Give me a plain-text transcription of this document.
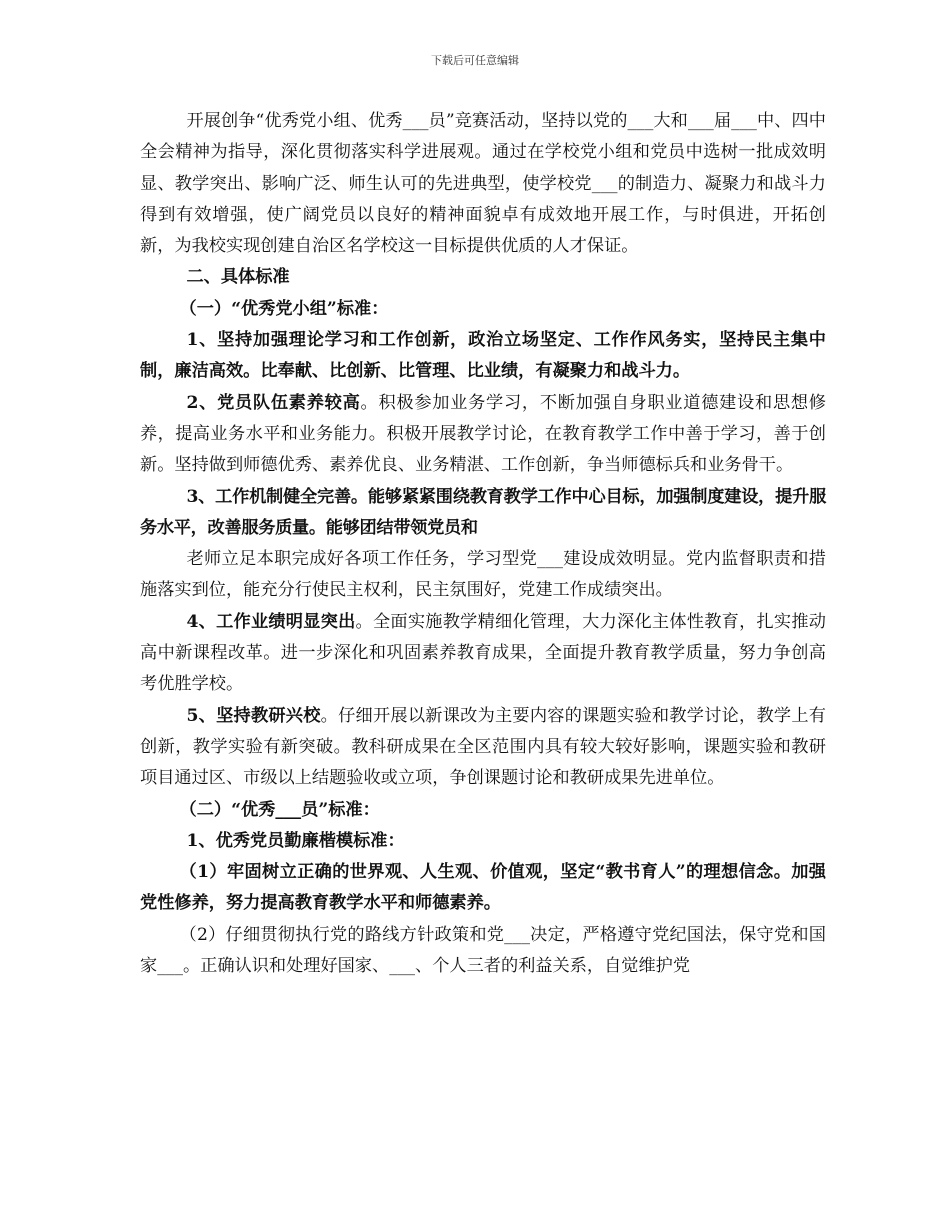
下载后可任意编辑

开展创争“优秀党小组、优秀___员”竞赛活动，坚持以党的___大和___届___中、四中全会精神为指导，深化贯彻落实科学进展观。通过在学校党小组和党员中选树一批成效明显、教学突出、影响广泛、师生认可的先进典型，使学校党___的制造力、凝聚力和战斗力得到有效增强，使广阔党员以良好的精神面貌卓有成效地开展工作，与时俱进，开拓创新，为我校实现创建自治区名学校这一目标提供优质的人才保证。

二、具体标准

（一）“优秀党小组”标准：

1、坚持加强理论学习和工作创新，政治立场坚定、工作作风务实，坚持民主集中制，廉洁高效。比奉献、比创新、比管理、比业绩，有凝聚力和战斗力。

2、党员队伍素养较高。积极参加业务学习，不断加强自身职业道德建设和思想修养，提高业务水平和业务能力。积极开展教学讨论，在教育教学工作中善于学习，善于创新。坚持做到师德优秀、素养优良、业务精湛、工作创新，争当师德标兵和业务骨干。

3、工作机制健全完善。能够紧紧围绕教育教学工作中心目标，加强制度建设，提升服务水平，改善服务质量。能够团结带领党员和

老师立足本职完成好各项工作任务，学习型党___建设成效明显。党内监督职责和措施落实到位，能充分行使民主权利，民主氛围好，党建工作成绩突出。

4、工作业绩明显突出。全面实施教学精细化管理，大力深化主体性教育，扎实推动高中新课程改革。进一步深化和巩固素养教育成果，全面提升教育教学质量，努力争创高考优胜学校。

5、坚持教研兴校。仔细开展以新课改为主要内容的课题实验和教学讨论，教学上有创新，教学实验有新突破。教科研成果在全区范围内具有较大较好影响，课题实验和教研项目通过区、市级以上结题验收或立项，争创课题讨论和教研成果先进单位。

（二）“优秀___员”标准：

1、优秀党员勤廉楷模标准：

（1）牢固树立正确的世界观、人生观、价值观，坚定“教书育人”的理想信念。加强党性修养，努力提高教育教学水平和师德素养。

（2）仔细贯彻执行党的路线方针政策和党___决定，严格遵守党纪国法，保守党和国家___。正确认识和处理好国家、___、个人三者的利益关系，自觉维护党
